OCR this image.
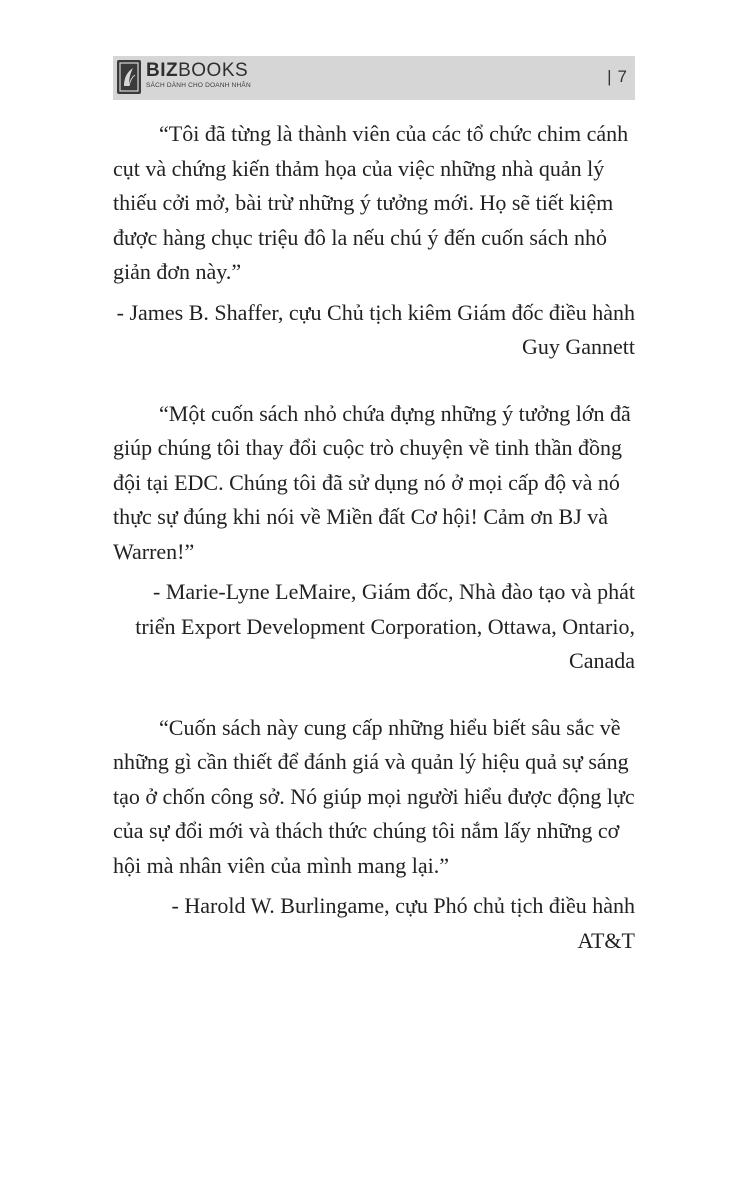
BIZBOOKS
SÁCH DÀNH CHO DOANH NHÂN	| 7

“Tôi đã từng là thành viên của các tổ chức chim cánh cụt và chứng kiến thảm họa của việc những nhà quản lý thiếu cởi mở, bài trừ những ý tưởng mới. Họ sẽ tiết kiệm được hàng chục triệu đô la nếu chú ý đến cuốn sách nhỏ giản đơn này.”

- James B. Shaffer, cựu Chủ tịch kiêm Giám đốc điều hành Guy Gannett

“Một cuốn sách nhỏ chứa đựng những ý tưởng lớn đã giúp chúng tôi thay đổi cuộc trò chuyện về tinh thần đồng đội tại EDC. Chúng tôi đã sử dụng nó ở mọi cấp độ và nó thực sự đúng khi nói về Miền đất Cơ hội! Cảm ơn BJ và Warren!”

- Marie-Lyne LeMaire, Giám đốc, Nhà đào tạo và phát triển Export Development Corporation, Ottawa, Ontario, Canada

“Cuốn sách này cung cấp những hiểu biết sâu sắc về những gì cần thiết để đánh giá và quản lý hiệu quả sự sáng tạo ở chốn công sở. Nó giúp mọi người hiểu được động lực của sự đổi mới và thách thức chúng tôi nắm lấy những cơ hội mà nhân viên của mình mang lại.”

- Harold W. Burlingame, cựu Phó chủ tịch điều hành AT&T
